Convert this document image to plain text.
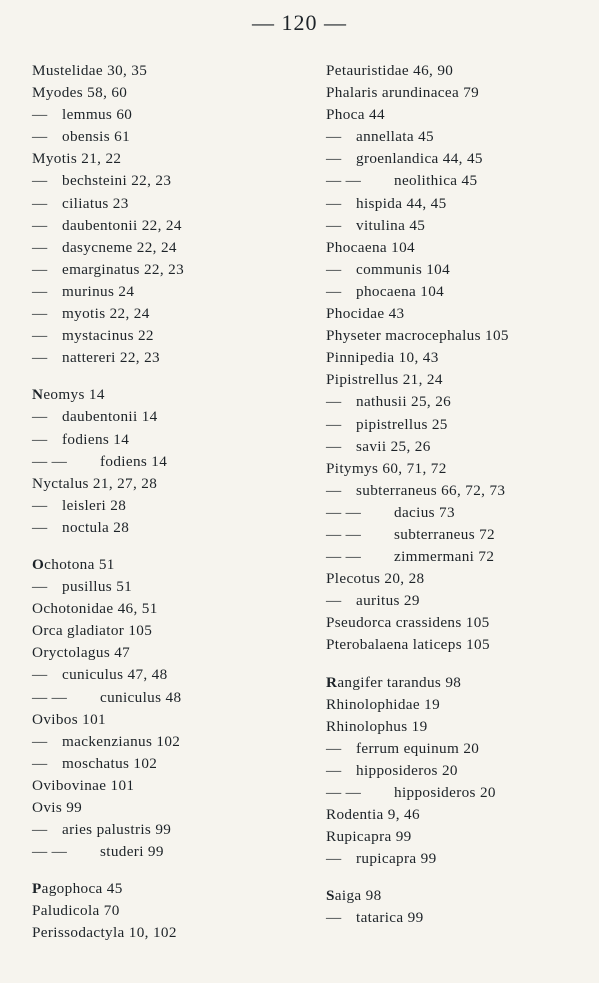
— 120 —
Mustelidae 30, 35
Myodes 58, 60
— lemmus 60
— obensis 61
Myotis 21, 22
— bechsteini 22, 23
— ciliatus 23
— daubentonii 22, 24
— dasycneme 22, 24
— emarginatus 22, 23
— murinus 24
— myotis 22, 24
— mystacinus 22
— nattereri 22, 23
Neomys 14
— daubentonii 14
— fodiens 14
— — fodiens 14
Nyctalus 21, 27, 28
— leisleri 28
— noctula 28
Ochotona 51
— pusillus 51
Ochotonidae 46, 51
Orca gladiator 105
Oryctolagus 47
— cuniculus 47, 48
— — cuniculus 48
Ovibos 101
— mackenzianus 102
— moschatus 102
Ovibovinae 101
Ovis 99
— aries palustris 99
— — studeri 99
Pagophoca 45
Paludicola 70
Perissodactyla 10, 102
Petauristidae 46, 90
Phalaris arundinacea 79
Phoca 44
— annellata 45
— groenlandica 44, 45
— — neolithica 45
— hispida 44, 45
— vitulina 45
Phocaena 104
— communis 104
— phocaena 104
Phocidae 43
Physeter macrocephalus 105
Pinnipedia 10, 43
Pipistrellus 21, 24
— nathusii 25, 26
— pipistrellus 25
— savii 25, 26
Pitymys 60, 71, 72
— subterraneus 66, 72, 73
— — dacius 73
— — subterraneus 72
— — zimmermani 72
Plecotus 20, 28
— auritus 29
Pseudorca crassidens 105
Pterobalaena laticeps 105
Rangifer tarandus 98
Rhinolophidae 19
Rhinolophus 19
— ferrum equinum 20
— hipposideros 20
— — hipposideros 20
Rodentia 9, 46
Rupicapra 99
— rupicapra 99
Saiga 98
— tatarica 99
